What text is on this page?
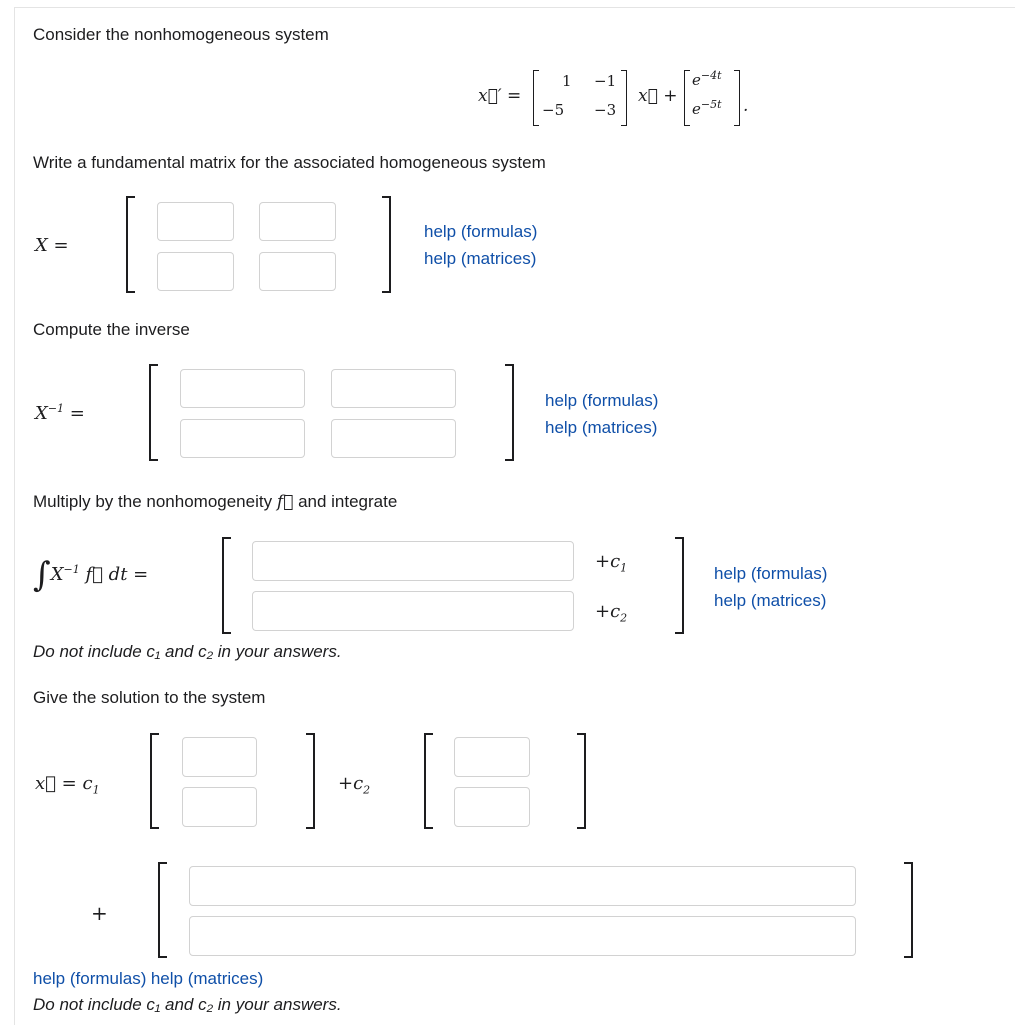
Consider the nonhomogeneous system
x⃗′ =
1 −1
−5 −3
x⃗ +
$e^{-4t}$
$e^{-5t}$ .
Write a fundamental matrix for the associated homogeneous system
X =
help (formulas)
help (matrices)
Compute the inverse
$X^{-1}$ =
help (formulas)
help (matrices)
Multiply by the nonhomogeneity f⃗ and integrate
$\int X^{-1}$ f⃗ dt =
$+c_1$
$+c_2$
help (formulas)
help (matrices)
Do not include c₁ and c₂ in your answers.
Give the solution to the system
x⃗ = $c_1$	$+c_2$
+
help (formulas) help (matrices)
Do not include c₁ and c₂ in your answers.
